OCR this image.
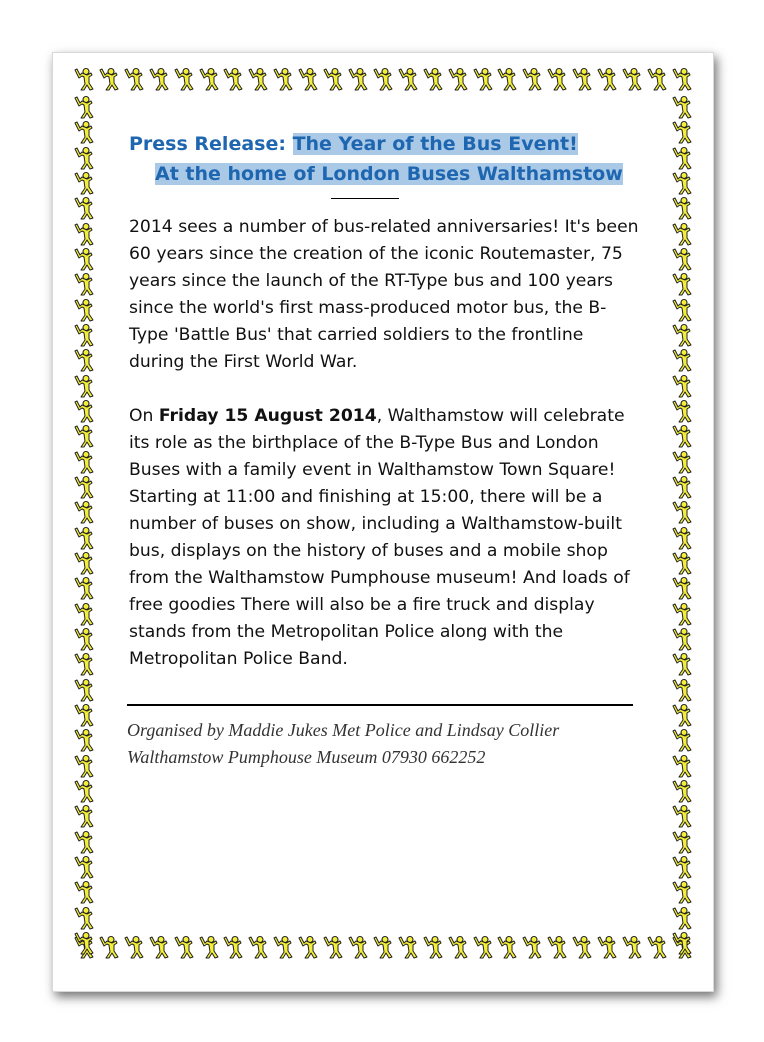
Press Release: The Year of the Bus Event!
At the home of London Buses Walthamstow

2014 sees a number of bus-related anniversaries! It's been 60 years since the creation of the iconic Routemaster, 75 years since the launch of the RT-Type bus and 100 years since the world's first mass-produced motor bus, the B-Type 'Battle Bus' that carried soldiers to the frontline during the First World War.

On Friday 15 August 2014, Walthamstow will celebrate its role as the birthplace of the B-Type Bus and London Buses with a family event in Walthamstow Town Square! Starting at 11:00 and finishing at 15:00, there will be a number of buses on show, including a Walthamstow-built bus, displays on the history of buses and a mobile shop from the Walthamstow Pumphouse museum! And loads of free goodies There will also be a fire truck and display stands from the Metropolitan Police along with the Metropolitan Police Band.

Organised by Maddie Jukes Met Police and Lindsay Collier
Walthamstow Pumphouse Museum 07930 662252
